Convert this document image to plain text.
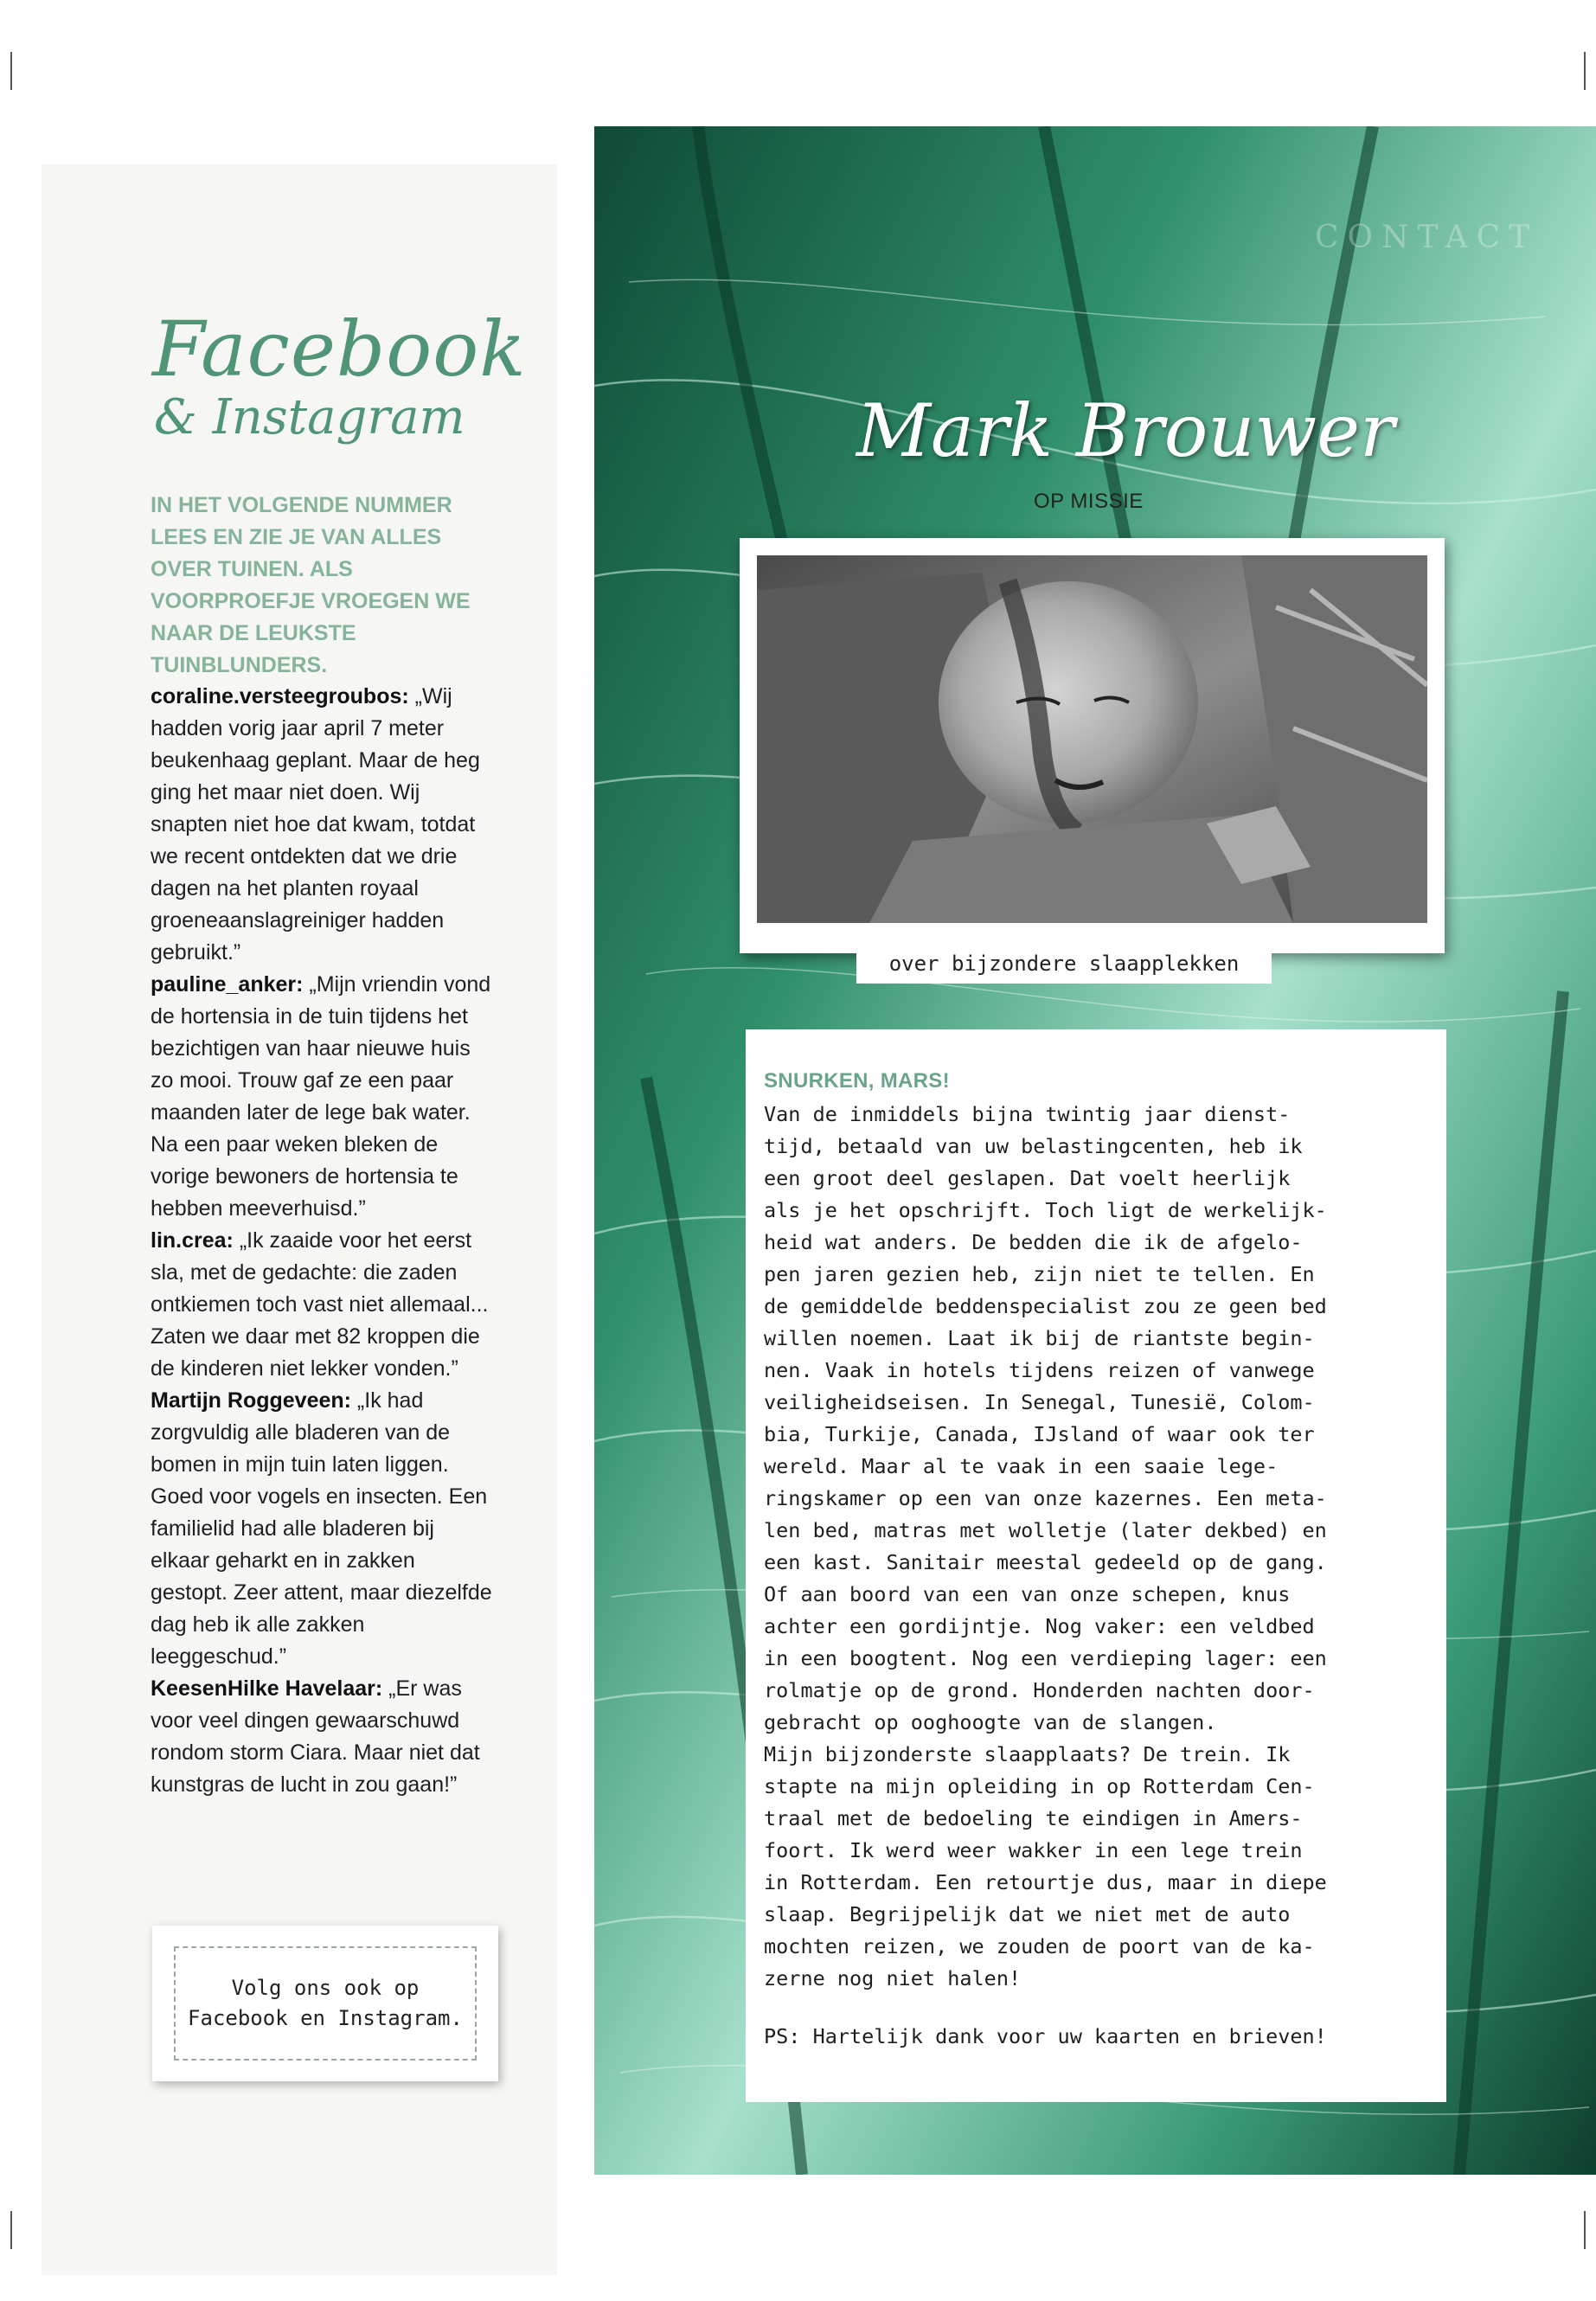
Facebook
& Instagram

IN HET VOLGENDE NUMMER LEES EN ZIE JE VAN ALLES OVER TUINEN. ALS VOORPROEFJE VROEGEN WE NAAR DE LEUKSTE TUINBLUNDERS.

coraline.versteegroubos: „Wij hadden vorig jaar april 7 meter beukenhaag geplant. Maar de heg ging het maar niet doen. Wij snapten niet hoe dat kwam, totdat we recent ontdekten dat we drie dagen na het planten royaal groeneaanslagreiniger hadden gebruikt.”
pauline_anker: „Mijn vriendin vond de hortensia in de tuin tijdens het bezichtigen van haar nieuwe huis zo mooi. Trouw gaf ze een paar maanden later de lege bak water. Na een paar weken bleken de vorige bewoners de hortensia te hebben meeverhuisd.”
lin.crea: „Ik zaaide voor het eerst sla, met de gedachte: die zaden ontkiemen toch vast niet allemaal... Zaten we daar met 82 kroppen die de kinderen niet lekker vonden.”
Martijn Roggeveen: „Ik had zorgvuldig alle bladeren van de bomen in mijn tuin laten liggen. Goed voor vogels en insecten. Een familielid had alle bladeren bij elkaar geharkt en in zakken gestopt. Zeer attent, maar diezelfde dag heb ik alle zakken leeggeschud.”
KeesenHilke Havelaar: „Er was voor veel dingen gewaarschuwd rondom storm Ciara. Maar niet dat kunstgras de lucht in zou gaan!”
Volg ons ook op Facebook en Instagram.
CONTACT
Mark Brouwer
OP MISSIE
over bijzondere slaapplekken
SNURKEN, MARS!
Van de inmiddels bijna twintig jaar dienst-
tijd, betaald van uw belastingcenten, heb ik
een groot deel geslapen. Dat voelt heerlijk
als je het opschrijft. Toch ligt de werkelijk-
heid wat anders. De bedden die ik de afgelo-
pen jaren gezien heb, zijn niet te tellen. En
de gemiddelde beddenspecialist zou ze geen bed
willen noemen. Laat ik bij de riantste begin-
nen. Vaak in hotels tijdens reizen of vanwege
veiligheidseisen. In Senegal, Tunesië, Colom-
bia, Turkije, Canada, IJsland of waar ook ter
wereld. Maar al te vaak in een saaie lege-
ringskamer op een van onze kazernes. Een meta-
len bed, matras met wolletje (later dekbed) en
een kast. Sanitair meestal gedeeld op de gang.
Of aan boord van een van onze schepen, knus
achter een gordijntje. Nog vaker: een veldbed
in een boogtent. Nog een verdieping lager: een
rolmatje op de grond. Honderden nachten door-
gebracht op ooghoogte van de slangen.
Mijn bijzonderste slaapplaats? De trein. Ik
stapte na mijn opleiding in op Rotterdam Cen-
traal met de bedoeling te eindigen in Amers-
foort. Ik werd weer wakker in een lege trein
in Rotterdam. Een retourtje dus, maar in diepe
slaap. Begrijpelijk dat we niet met de auto
mochten reizen, we zouden de poort van de ka-
zerne nog niet halen!
PS: Hartelijk dank voor uw kaarten en brieven!
